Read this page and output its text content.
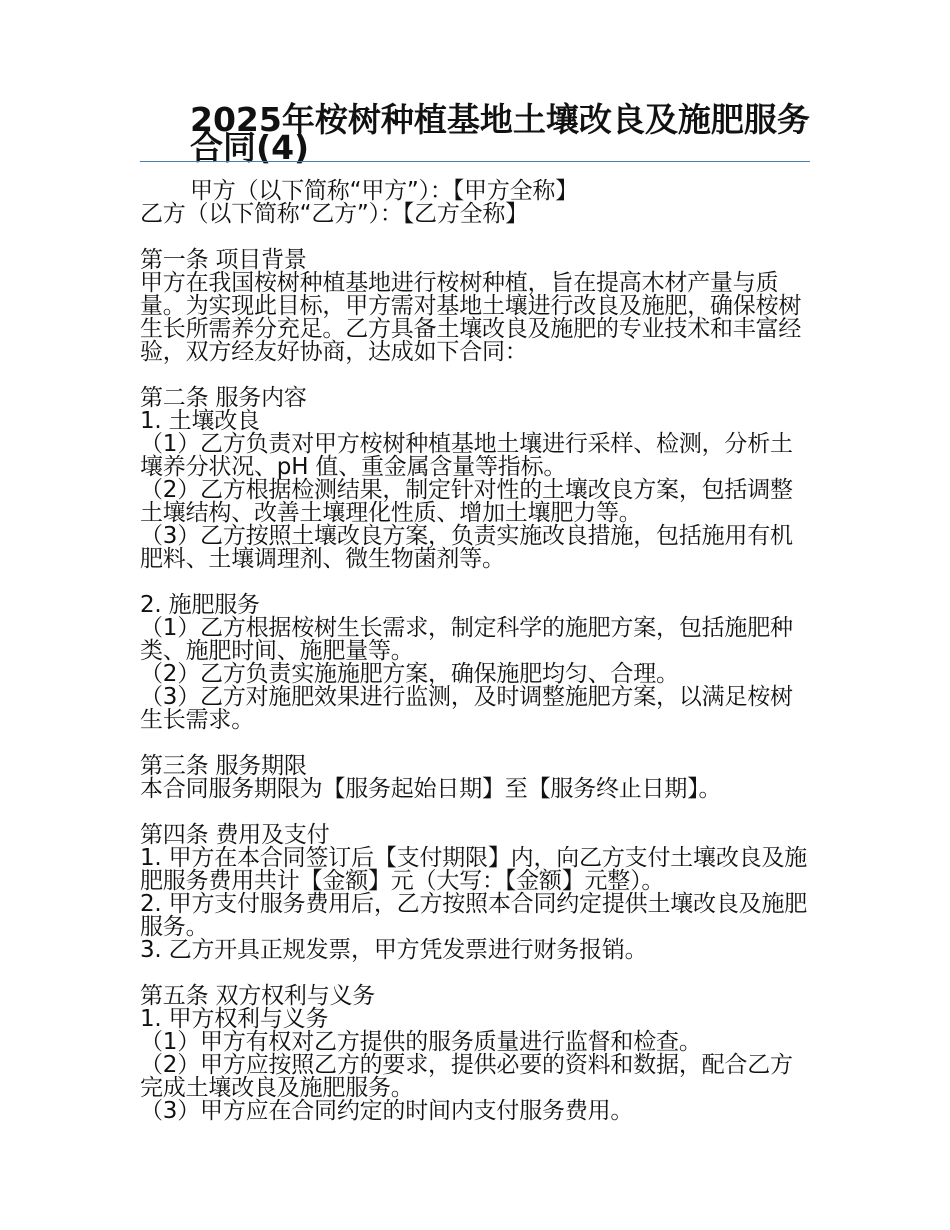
2025年桉树种植基地土壤改良及施肥服务合同(4)

甲方（以下简称“甲方”）：【甲方全称】

乙方（以下简称“乙方”）：【乙方全称】

第一条 项目背景

甲方在我国桉树种植基地进行桉树种植，旨在提高木材产量与质量。为实现此目标，甲方需对基地土壤进行改良及施肥，确保桉树生长所需养分充足。乙方具备土壤改良及施肥的专业技术和丰富经验，双方经友好协商，达成如下合同：

第二条 服务内容

1. 土壤改良

（1）乙方负责对甲方桉树种植基地土壤进行采样、检测，分析土壤养分状况、pH 值、重金属含量等指标。

（2）乙方根据检测结果，制定针对性的土壤改良方案，包括调整土壤结构、改善土壤理化性质、增加土壤肥力等。

（3）乙方按照土壤改良方案，负责实施改良措施，包括施用有机肥料、土壤调理剂、微生物菌剂等。

2. 施肥服务

（1）乙方根据桉树生长需求，制定科学的施肥方案，包括施肥种类、施肥时间、施肥量等。

（2）乙方负责实施施肥方案，确保施肥均匀、合理。

（3）乙方对施肥效果进行监测，及时调整施肥方案，以满足桉树生长需求。

第三条 服务期限

本合同服务期限为【服务起始日期】至【服务终止日期】。

第四条 费用及支付

1. 甲方在本合同签订后【支付期限】内，向乙方支付土壤改良及施肥服务费用共计【金额】元（大写：【金额】元整）。

2. 甲方支付服务费用后，乙方按照本合同约定提供土壤改良及施肥服务。

3. 乙方开具正规发票，甲方凭发票进行财务报销。

第五条 双方权利与义务

1. 甲方权利与义务

（1）甲方有权对乙方提供的服务质量进行监督和检查。

（2）甲方应按照乙方的要求，提供必要的资料和数据，配合乙方完成土壤改良及施肥服务。

（3）甲方应在合同约定的时间内支付服务费用。
